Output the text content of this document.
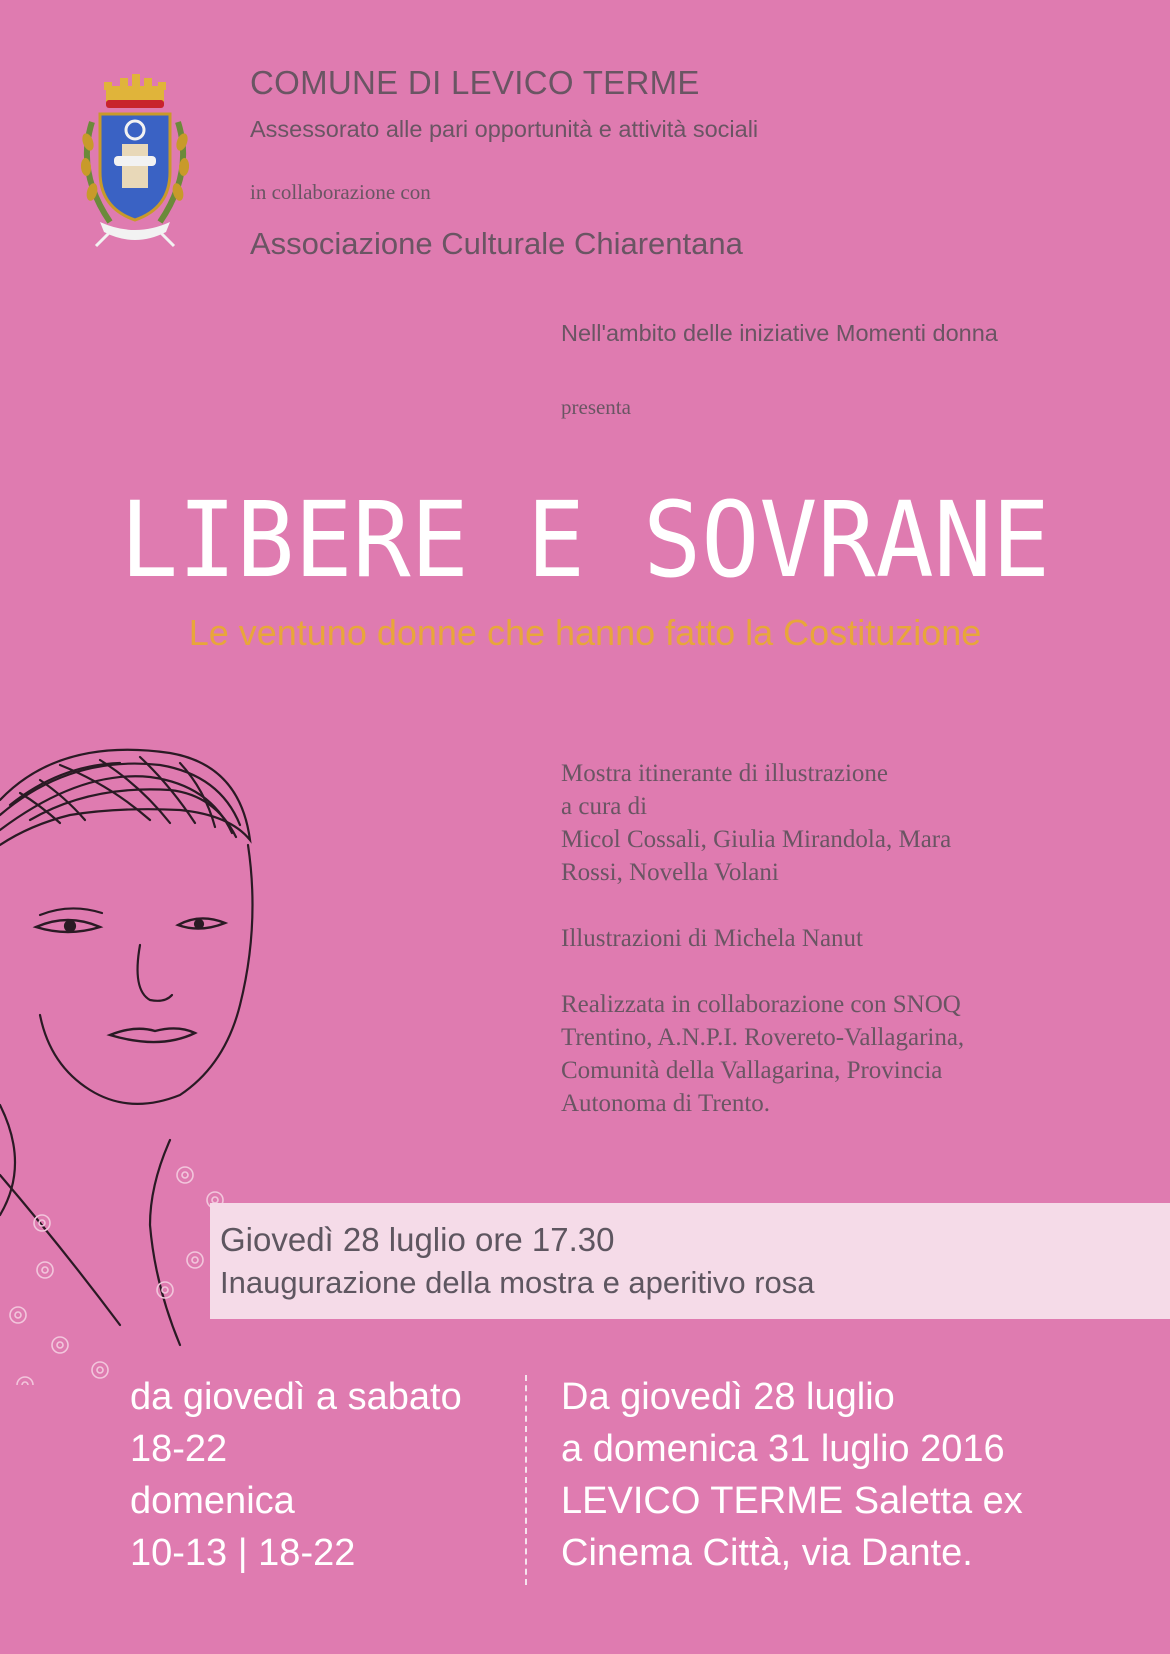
COMUNE DI LEVICO TERME
Assessorato alle pari opportunità e attività sociali
in collaborazione con
Associazione Culturale Chiarentana
Nell'ambito delle iniziative Momenti donna
presenta
LIBERE E SOVRANE
Le ventuno donne che hanno fatto la Costituzione

Mostra itinerante di illustrazione
a cura di
Micol Cossali, Giulia Mirandola, Mara
Rossi, Novella Volani

Illustrazioni di Michela Nanut

Realizzata in collaborazione con SNOQ
Trentino, A.N.P.I. Rovereto-Vallagarina,
Comunità della Vallagarina, Provincia
Autonoma di Trento.

Giovedì 28 luglio ore 17.30
Inaugurazione della mostra e aperitivo rosa
da giovedì a sabato
18-22
domenica
10-13 | 18-22
Da giovedì 28 luglio
a domenica 31 luglio 2016
LEVICO TERME Saletta ex
Cinema Città, via Dante.
